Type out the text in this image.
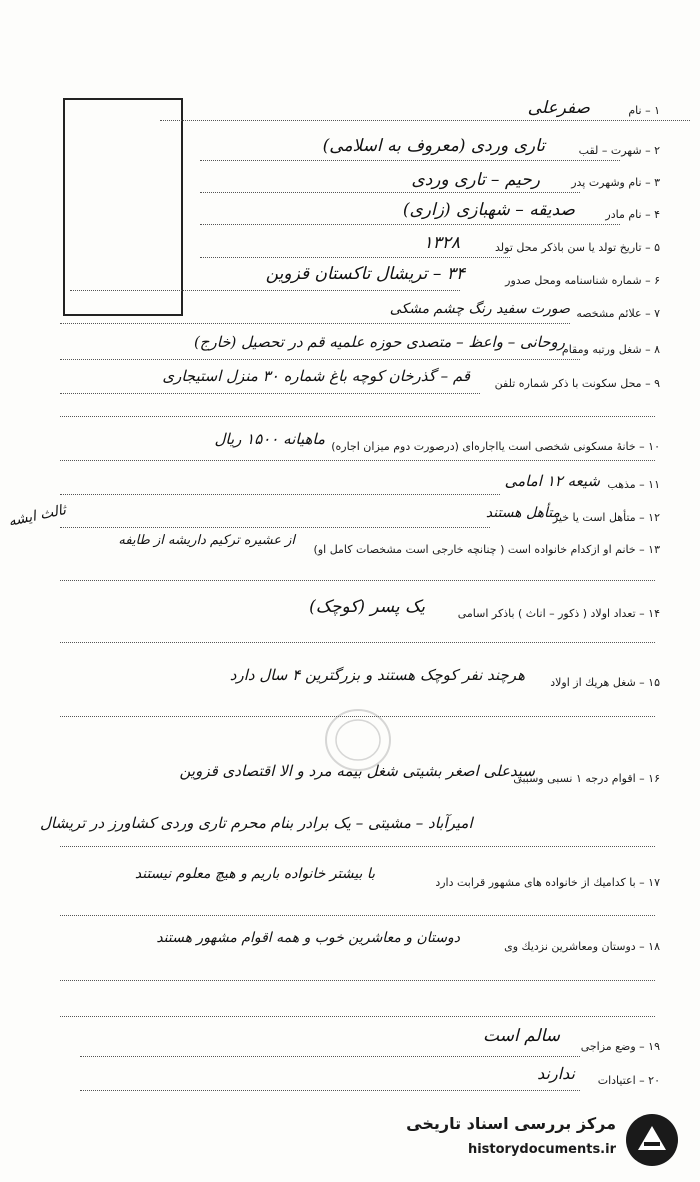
۱ – نام
صفرعلی
۲ – شهرت – لقب
تاری وردی (معروف به اسلامی)
۳ – نام وشهرت پدر
رحیم – تاری وردی
۴ – نام مادر
صدیقه – شهبازی (زاری)
۵ – تاریخ تولد یا سن باذکر محل تولد
۱۳۲۸
۶ – شماره شناسنامه ومحل صدور
۳۴ – تریشال تاکستان قزوین
۷ – علائم مشخصه
صورت سفید رنگ چشم مشکی
۸ – شغل ورتبه ومقام
روحانی – واعظ – متصدی حوزه علمیه قم در تحصیل (خارج)
۹ – محل سکونت با ذکر شماره تلفن
قم – گذرخان کوچه باغ شماره ۳۰ منزل استیجاری
۱۰ – خانهٔ مسکونی شخصی است یااجاره‌ای (درصورت دوم میزان اجاره)
ماهیانه ۱۵۰۰ ریال
۱۱ – مذهب
شیعه ۱۲ امامی
۱۲ – متأهل است یا خیر
متأهل هستند
ثالث ایشه
۱۳ – خانم او ازکدام خانواده است ( چنانچه خارجی است مشخصات کامل او)
از عشیره ترکیم داریشه از طایفه
۱۴ – تعداد اولاد ( ذکور – اناث ) باذکر اسامی
یک پسر (کوچک)
۱۵ – شغل هریك از اولاد
هرچند نفر کوچک هستند و بزرگترین ۴ سال دارد
۱۶ – اقوام درجه ۱ نسبی وسببی
سیدعلی اصغر بشیتی شغل بیمه مرد و الا اقتصادی قزوین
امیرآباد – مشیتی – یک برادر بنام محرم تاری وردی کشاورز در تریشال
۱۷ – با کدامیك از خانواده های مشهور قرابت دارد
با بیشتر خانواده باریم و هیچ معلوم نیستند
۱۸ – دوستان ومعاشرین نزدیك وی
دوستان و معاشرین خوب و همه اقوام مشهور هستند
۱۹ – وضع مزاجی
سالم است
۲۰ – اعتیادات
ندارند
مرکز بررسی اسناد تاریخی
historydocuments.ir
